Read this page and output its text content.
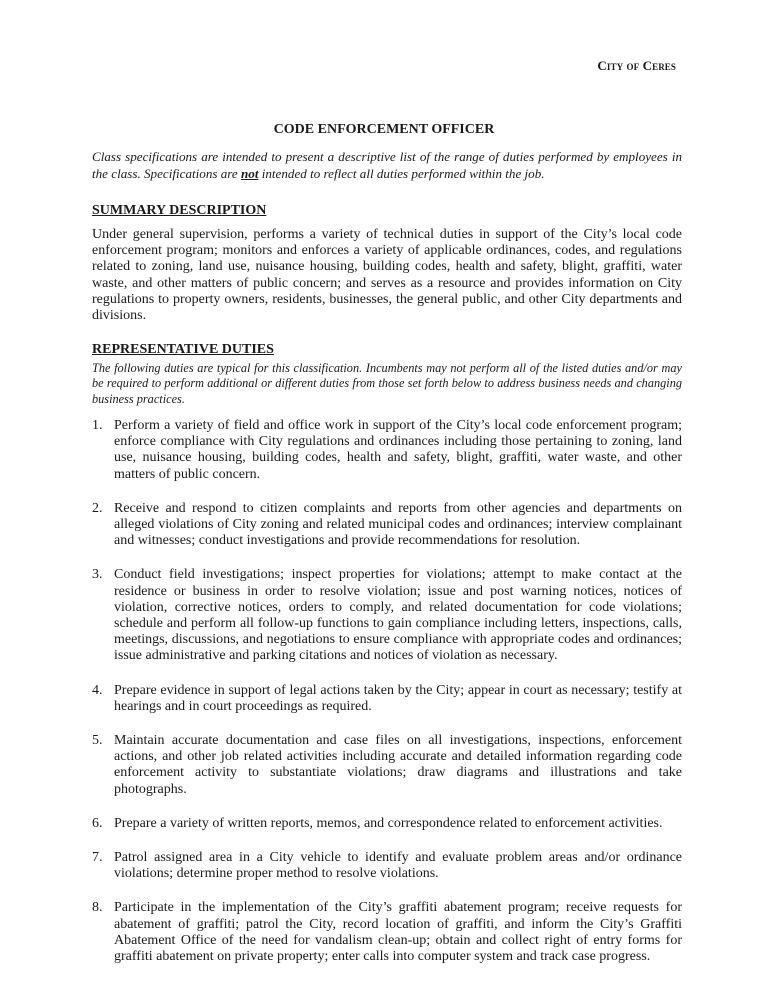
City of Ceres
CODE ENFORCEMENT OFFICER
Class specifications are intended to present a descriptive list of the range of duties performed by employees in the class. Specifications are not intended to reflect all duties performed within the job.
SUMMARY DESCRIPTION
Under general supervision, performs a variety of technical duties in support of the City’s local code enforcement program; monitors and enforces a variety of applicable ordinances, codes, and regulations related to zoning, land use, nuisance housing, building codes, health and safety, blight, graffiti, water waste, and other matters of public concern; and serves as a resource and provides information on City regulations to property owners, residents, businesses, the general public, and other City departments and divisions.
REPRESENTATIVE DUTIES
The following duties are typical for this classification. Incumbents may not perform all of the listed duties and/or may be required to perform additional or different duties from those set forth below to address business needs and changing business practices.
1. Perform a variety of field and office work in support of the City’s local code enforcement program; enforce compliance with City regulations and ordinances including those pertaining to zoning, land use, nuisance housing, building codes, health and safety, blight, graffiti, water waste, and other matters of public concern.
2. Receive and respond to citizen complaints and reports from other agencies and departments on alleged violations of City zoning and related municipal codes and ordinances; interview complainant and witnesses; conduct investigations and provide recommendations for resolution.
3. Conduct field investigations; inspect properties for violations; attempt to make contact at the residence or business in order to resolve violation; issue and post warning notices, notices of violation, corrective notices, orders to comply, and related documentation for code violations; schedule and perform all follow-up functions to gain compliance including letters, inspections, calls, meetings, discussions, and negotiations to ensure compliance with appropriate codes and ordinances; issue administrative and parking citations and notices of violation as necessary.
4. Prepare evidence in support of legal actions taken by the City; appear in court as necessary; testify at hearings and in court proceedings as required.
5. Maintain accurate documentation and case files on all investigations, inspections, enforcement actions, and other job related activities including accurate and detailed information regarding code enforcement activity to substantiate violations; draw diagrams and illustrations and take photographs.
6. Prepare a variety of written reports, memos, and correspondence related to enforcement activities.
7. Patrol assigned area in a City vehicle to identify and evaluate problem areas and/or ordinance violations; determine proper method to resolve violations.
8. Participate in the implementation of the City’s graffiti abatement program; receive requests for abatement of graffiti; patrol the City, record location of graffiti, and inform the City’s Graffiti Abatement Office of the need for vandalism clean-up; obtain and collect right of entry forms for graffiti abatement on private property; enter calls into computer system and track case progress.
